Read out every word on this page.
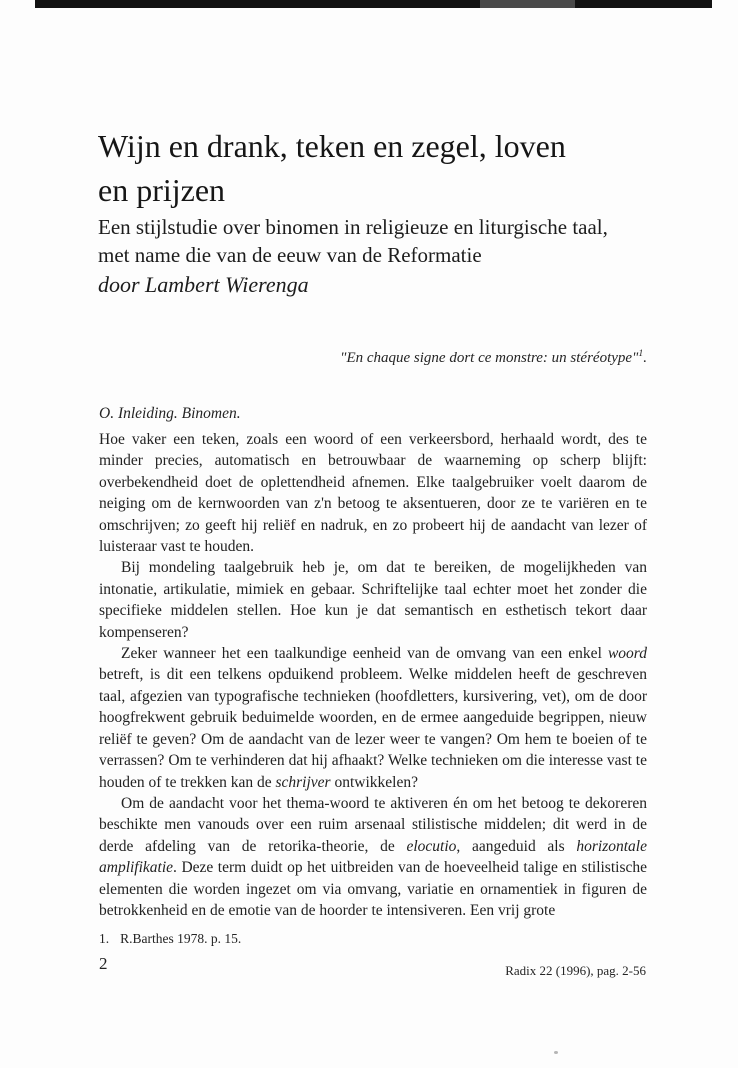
Wijn en drank, teken en zegel, loven
en prijzen
Een stijlstudie over binomen in religieuze en liturgische taal,
met name die van de eeuw van de Reformatie
door Lambert Wierenga
"En chaque signe dort ce monstre: un stéréotype"$^1$.
O. Inleiding. Binomen.

Hoe vaker een teken, zoals een woord of een verkeersbord, herhaald wordt, des te minder precies, automatisch en betrouwbaar de waarneming op scherp blijft: overbekendheid doet de oplettendheid afnemen. Elke taalgebruiker voelt daarom de neiging om de kernwoorden van z'n betoog te aksentueren, door ze te variëren en te omschrijven; zo geeft hij reliëf en nadruk, en zo probeert hij de aandacht van lezer of luisteraar vast te houden.

Bij mondeling taalgebruik heb je, om dat te bereiken, de mogelijkheden van intonatie, artikulatie, mimiek en gebaar. Schriftelijke taal echter moet het zonder die specifieke middelen stellen. Hoe kun je dat semantisch en esthetisch tekort daar kompenseren?

Zeker wanneer het een taalkundige eenheid van de omvang van een enkel woord betreft, is dit een telkens opduikend probleem. Welke middelen heeft de geschreven taal, afgezien van typografische technieken (hoofdletters, kursivering, vet), om de door hoogfrekwent gebruik beduimelde woorden, en de ermee aangeduide begrippen, nieuw reliëf te geven? Om de aandacht van de lezer weer te vangen? Om hem te boeien of te verrassen? Om te verhinderen dat hij afhaakt? Welke technieken om die interesse vast te houden of te trekken kan de schrijver ontwikkelen?

Om de aandacht voor het thema-woord te aktiveren én om het betoog te dekoreren beschikte men vanouds over een ruim arsenaal stilistische middelen; dit werd in de derde afdeling van de retorika-theorie, de elocutio, aangeduid als horizontale amplifikatie. Deze term duidt op het uitbreiden van de hoeveelheid talige en stilistische elementen die worden ingezet om via omvang, variatie en ornamentiek in figuren de betrokkenheid en de emotie van de hoorder te intensiveren. Een vrij grote

1. R.Barthes 1978. p. 15.
2	Radix 22 (1996), pag. 2-56
